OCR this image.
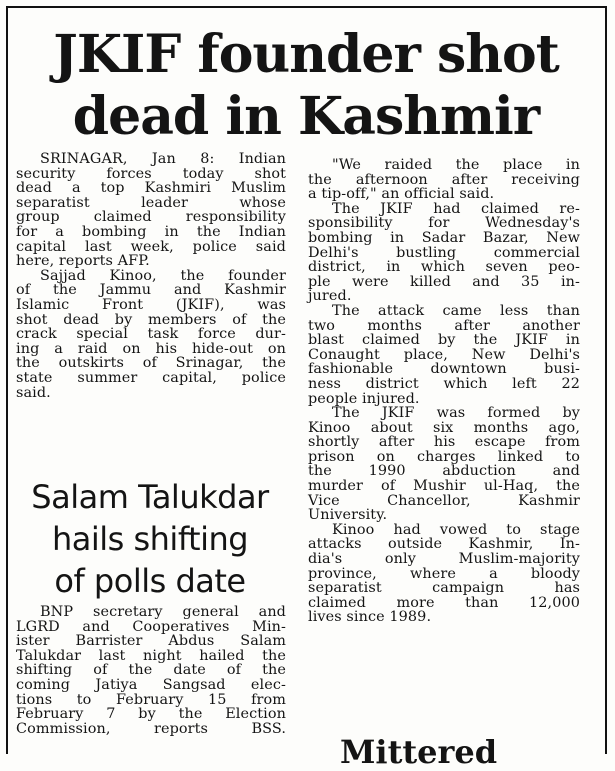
JKIF founder shot
dead in Kashmir
SRINAGAR, Jan 8: Indian
security forces today shot
dead a top Kashmiri Muslim
separatist leader whose
group claimed responsibility
for a bombing in the Indian
capital last week, police said
here, reports AFP.
Sajjad Kinoo, the founder
of the Jammu and Kashmir
Islamic Front (JKIF), was
shot dead by members of the
crack special task force dur-
ing a raid on his hide-out on
the outskirts of Srinagar, the
state summer capital, police
said.
Salam Talukdar
hails shifting
of polls date
BNP secretary general and
LGRD and Cooperatives Min-
ister Barrister Abdus Salam
Talukdar last night hailed the
shifting of the date of the
coming Jatiya Sangsad elec-
tions to February 15 from
February 7 by the Election
Commission, reports BSS.
"We raided the place in
the afternoon after receiving
a tip-off," an official said.
The JKIF had claimed re-
sponsibility for Wednesday's
bombing in Sadar Bazar, New
Delhi's bustling commercial
district, in which seven peo-
ple were killed and 35 in-
jured.
The attack came less than
two months after another
blast claimed by the JKIF in
Conaught place, New Delhi's
fashionable downtown busi-
ness district which left 22
people injured.
The JKIF was formed by
Kinoo about six months ago,
shortly after his escape from
prison on charges linked to
the 1990 abduction and
murder of Mushir ul-Haq, the
Vice Chancellor, Kashmir
University.
Kinoo had vowed to stage
attacks outside Kashmir, In-
dia's only Muslim-majority
province, where a bloody
separatist campaign has
claimed more than 12,000
lives since 1989.
Mittered
